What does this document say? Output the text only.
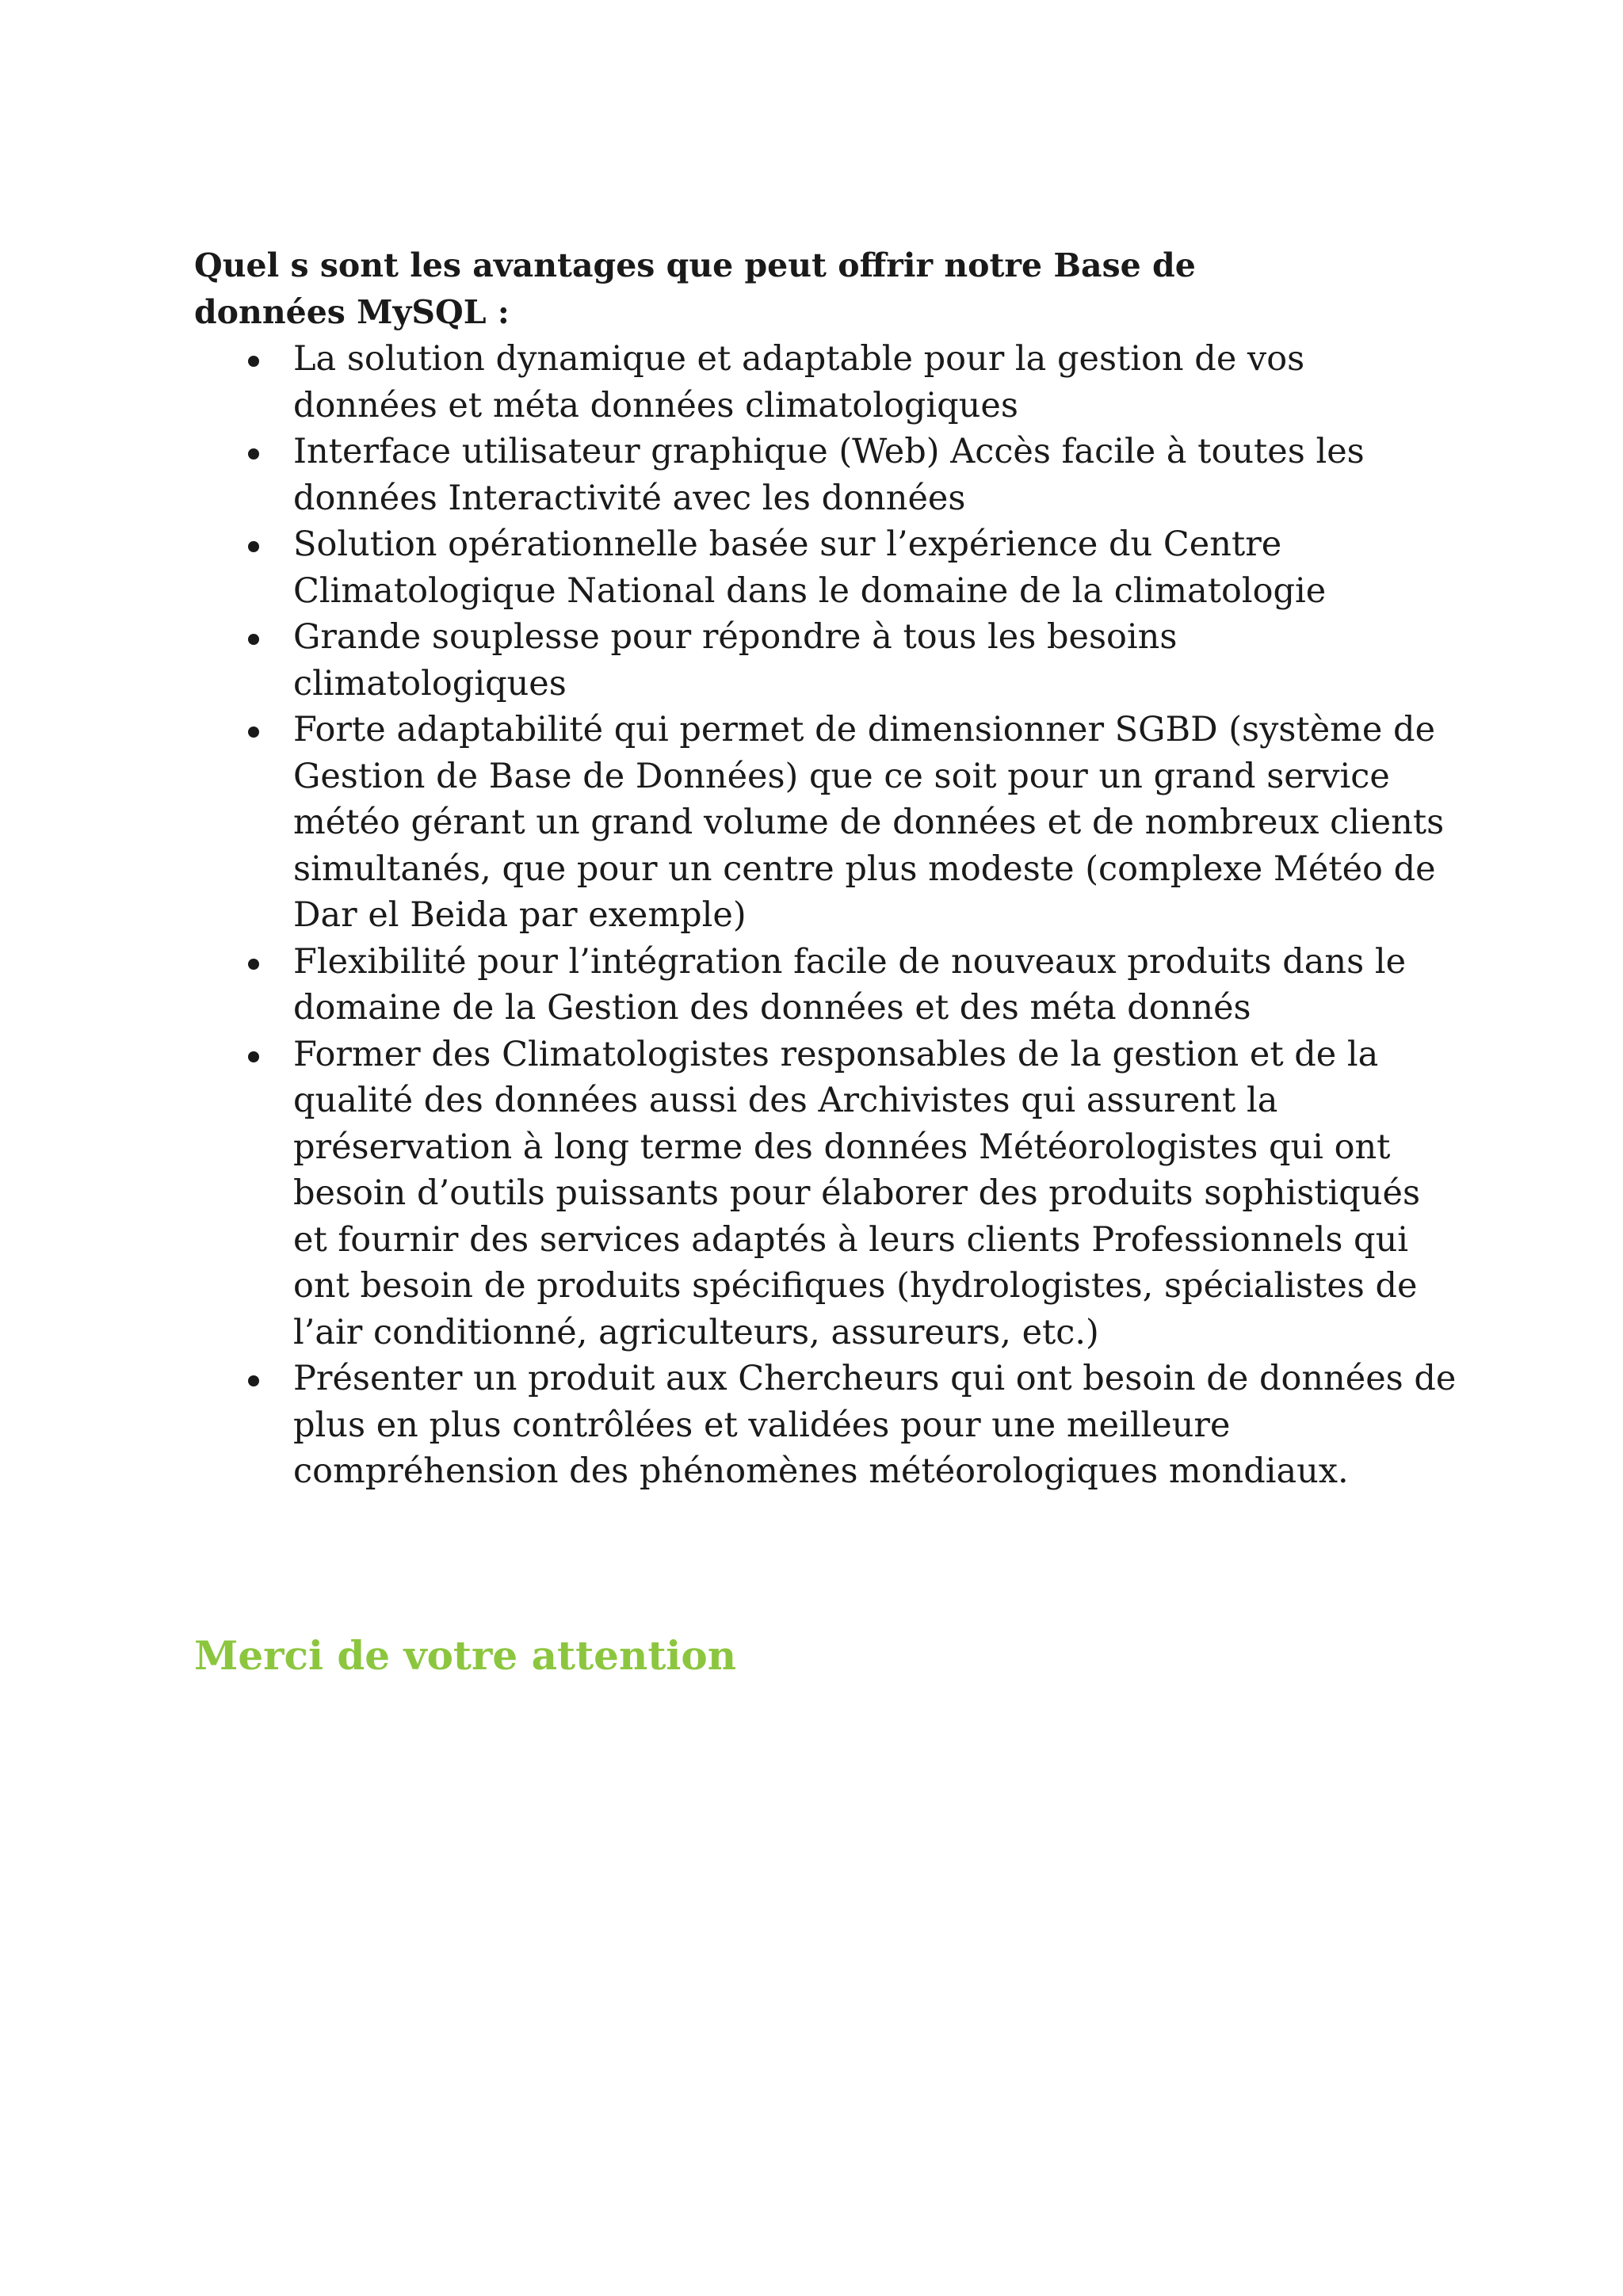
Quel s sont les avantages que peut offrir notre Base de données MySQL :

La solution dynamique et adaptable pour la gestion de vos données et méta données climatologiques
Interface utilisateur graphique (Web) Accès facile à toutes les données Interactivité avec les données
Solution opérationnelle basée sur l’expérience du Centre Climatologique National dans le domaine de la climatologie
Grande souplesse pour répondre à tous les besoins climatologiques
Forte adaptabilité qui permet de dimensionner SGBD (système de Gestion de Base de Données) que ce soit pour un grand service météo gérant un grand volume de données et de nombreux clients simultanés, que pour un centre plus modeste (complexe Météo de Dar el Beida par exemple)
Flexibilité pour l’intégration facile de nouveaux produits dans le domaine de la Gestion des données et des méta donnés
Former des Climatologistes responsables de la gestion et de la qualité des données aussi des Archivistes qui assurent la préservation à long terme des données Météorologistes qui ont besoin d’outils puissants pour élaborer des produits sophistiqués et fournir des services adaptés à leurs clients Professionnels qui ont besoin de produits spécifiques (hydrologistes, spécialistes de l’air conditionné, agriculteurs, assureurs, etc.)
Présenter un produit aux Chercheurs qui ont besoin de données de plus en plus contrôlées et validées pour une meilleure compréhension des phénomènes météorologiques mondiaux.

Merci de votre attention
